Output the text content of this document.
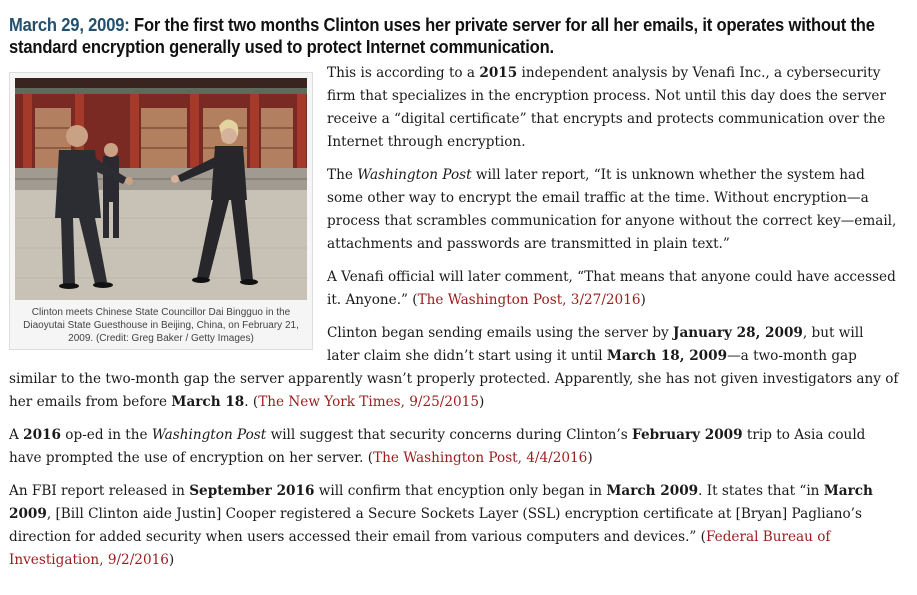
March 29, 2009: For the first two months Clinton uses her private server for all her emails, it operates without the standard encryption generally used to protect Internet communication.
Clinton meets Chinese State Councillor Dai Bingguo in the Diaoyutai State Guesthouse in Beijing, China, on February 21, 2009. (Credit: Greg Baker / Getty Images)

This is according to a 2015 independent analysis by Venafi Inc., a cybersecurity firm that specializes in the encryption process. Not until this day does the server receive a “digital certificate” that encrypts and protects communication over the Internet through encryption.

The Washington Post will later report, “It is unknown whether the system had some other way to encrypt the email traffic at the time. Without encryption—a process that scrambles communication for anyone without the correct key—email, attachments and passwords are transmitted in plain text.”

A Venafi official will later comment, “That means that anyone could have accessed it. Anyone.” (The Washington Post, 3/27/2016)

Clinton began sending emails using the server by January 28, 2009, but will later claim she didn’t start using it until March 18, 2009—a two-month gap similar to the two-month gap the server apparently wasn’t properly protected. Apparently, she has not given investigators any of her emails from before March 18. (The New York Times, 9/25/2015)

A 2016 op-ed in the Washington Post will suggest that security concerns during Clinton’s February 2009 trip to Asia could have prompted the use of encryption on her server. (The Washington Post, 4/4/2016)

An FBI report released in September 2016 will confirm that encyption only began in March 2009. It states that “in March 2009, [Bill Clinton aide Justin] Cooper registered a Secure Sockets Layer (SSL) encryption certificate at [Bryan] Pagliano’s direction for added security when users accessed their email from various computers and devices.” (Federal Bureau of Investigation, 9/2/2016)
